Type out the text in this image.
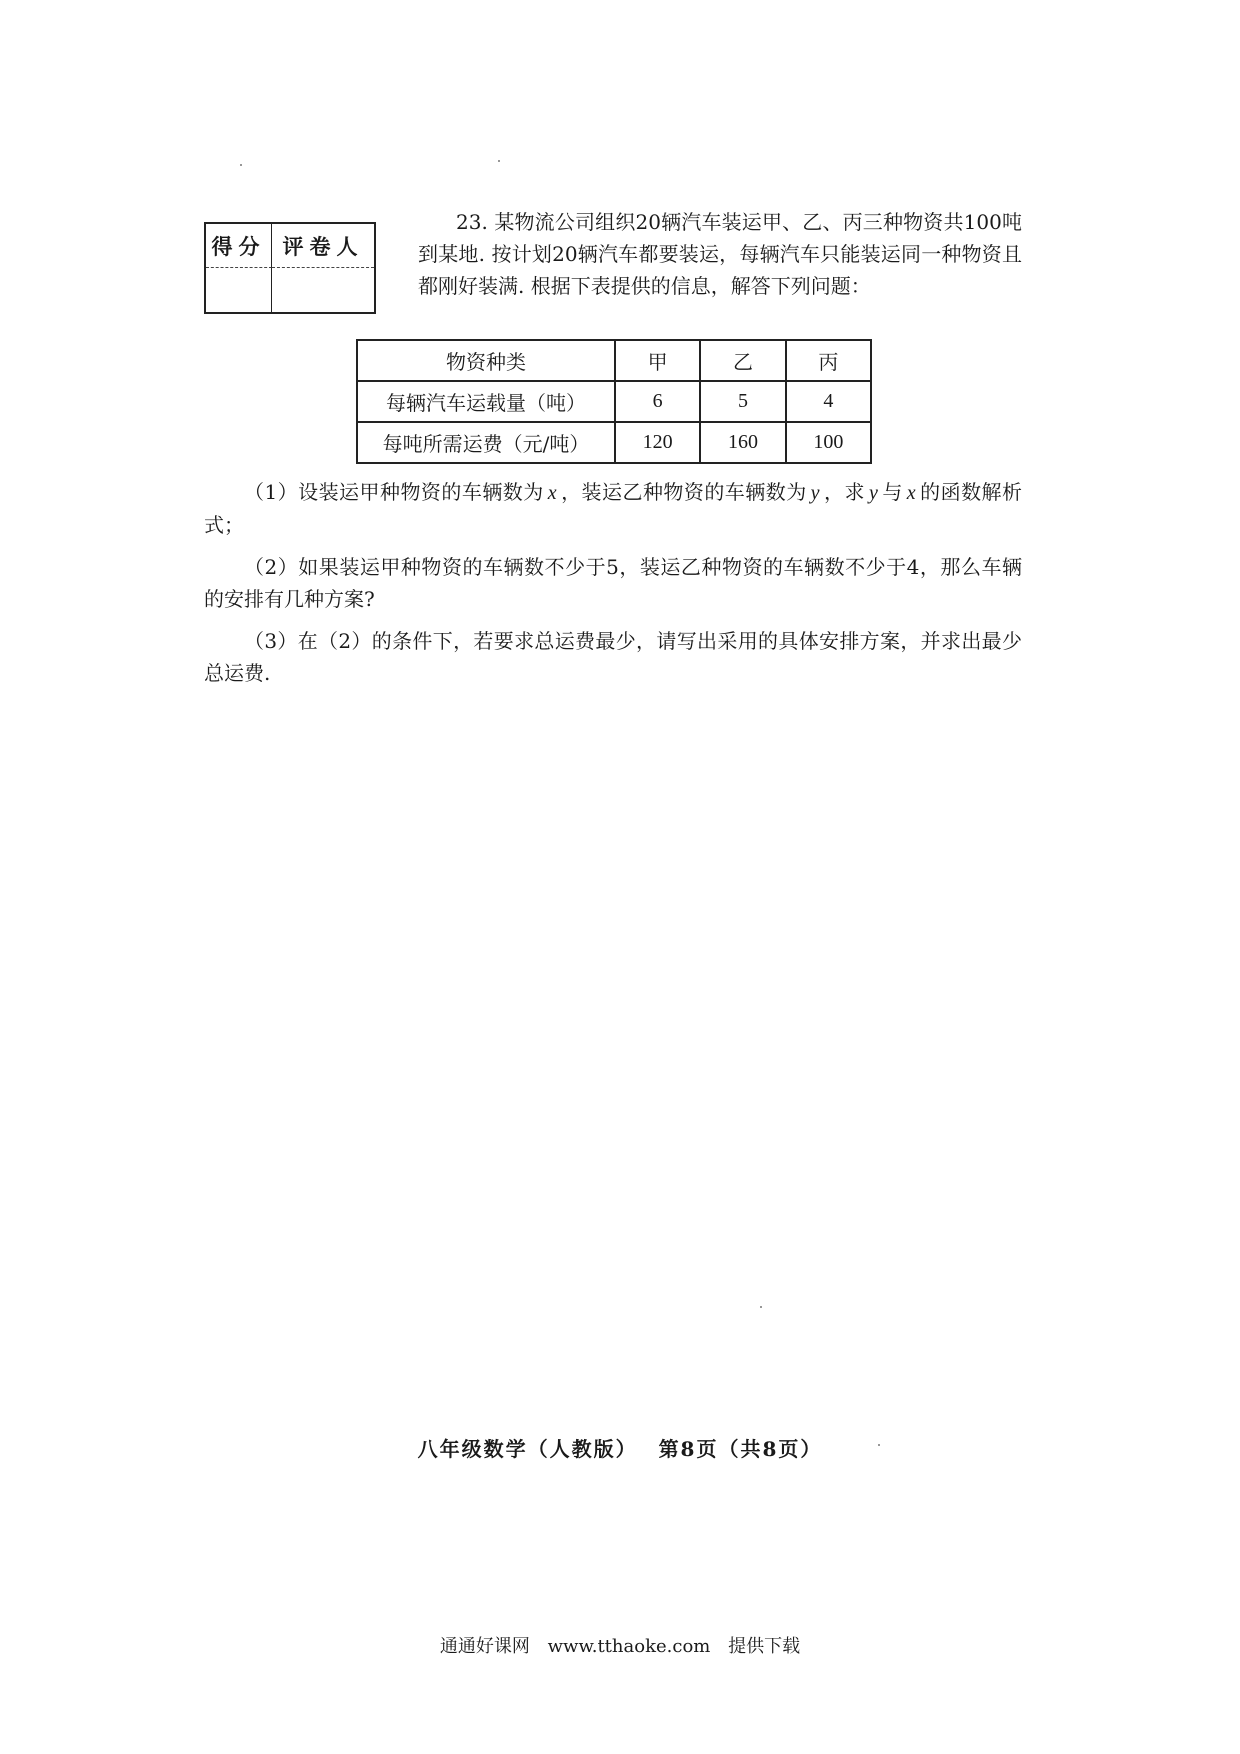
得分 评卷人
23. 某物流公司组织20辆汽车装运甲、乙、丙三种物资共100吨到某地. 按计划20辆汽车都要装运，每辆汽车只能装运同一种物资且都刚好装满. 根据下表提供的信息，解答下列问题：
物资种类	甲	乙	丙
每辆汽车运载量（吨）	6	5	4
每吨所需运费（元/吨）	120	160	100

（1）设装运甲种物资的车辆数为 x ，装运乙种物资的车辆数为 y ，求 y 与 x 的函数解析式；

（2）如果装运甲种物资的车辆数不少于5，装运乙种物资的车辆数不少于4，那么车辆的安排有几种方案?

（3）在（2）的条件下，若要求总运费最少，请写出采用的具体安排方案，并求出最少总运费.

八年级数学（人教版） 第8页（共8页）
通通好课网 www.tthaoke.com 提供下载
